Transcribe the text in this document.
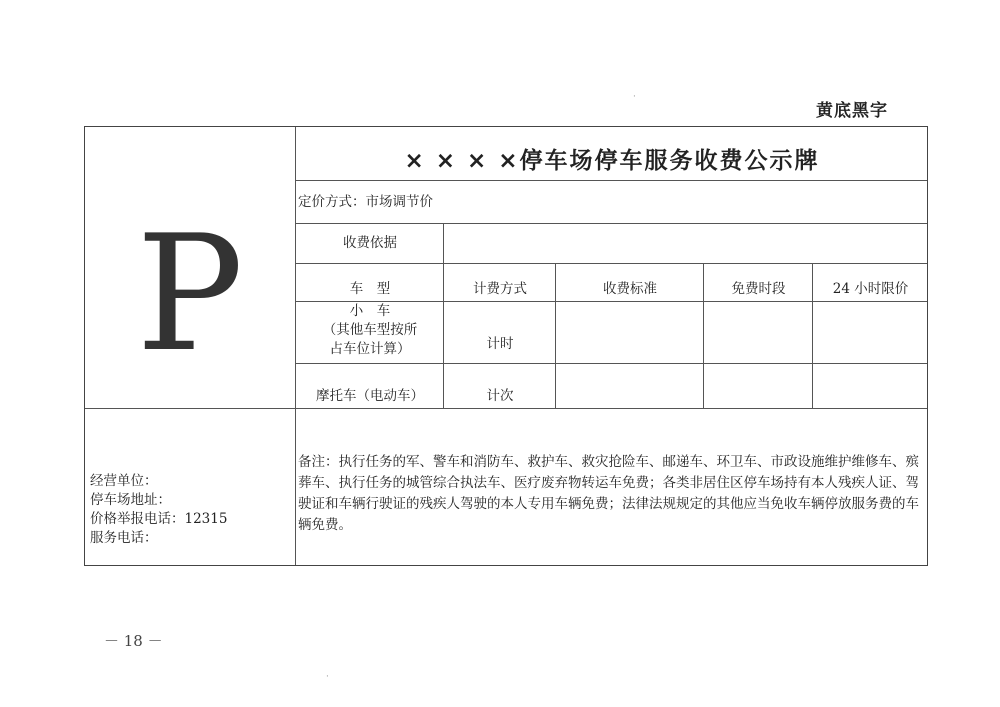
黄底黑字
·
·
P
× × × ×停车场停车服务收费公示牌
定价方式：市场调节价
收费依据
车　型	计费方式	收费标准	免费时段	24 小时限价
小　车
（其他车型按所
占车位计算）	计时
摩托车（电动车）	计次
经营单位：
停车场地址：
价格举报电话：12315
服务电话：
备注：执行任务的军、警车和消防车、救护车、救灾抢险车、邮递车、环卫车、市政设施维护维修车、殡葬车、执行任务的城管综合执法车、医疗废弃物转运车免费；各类非居住区停车场持有本人残疾人证、驾驶证和车辆行驶证的残疾人驾驶的本人专用车辆免费；法律法规规定的其他应当免收车辆停放服务费的车辆免费。
－ 18 －
